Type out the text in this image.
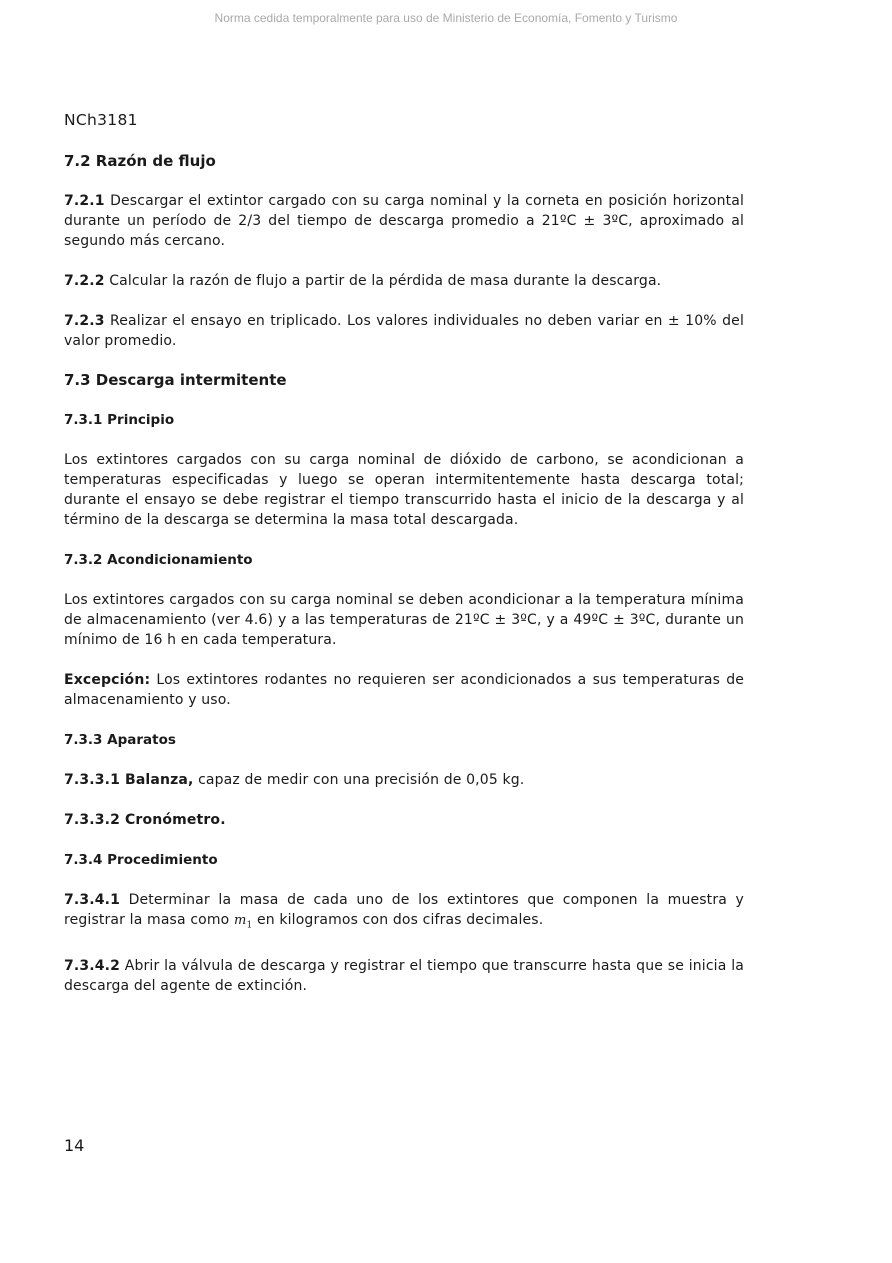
Norma cedida temporalmente para uso de Ministerio de Economía, Fomento y Turismo
NCh3181
7.2 Razón de flujo

7.2.1 Descargar el extintor cargado con su carga nominal y la corneta en posición horizontal durante un período de 2/3 del tiempo de descarga promedio a 21ºC ± 3ºC, aproximado al segundo más cercano.

7.2.2 Calcular la razón de flujo a partir de la pérdida de masa durante la descarga.

7.2.3 Realizar el ensayo en triplicado. Los valores individuales no deben variar en ± 10% del valor promedio.

7.3 Descarga intermitente
7.3.1 Principio

Los extintores cargados con su carga nominal de dióxido de carbono, se acondicionan a temperaturas especificadas y luego se operan intermitentemente hasta descarga total; durante el ensayo se debe registrar el tiempo transcurrido hasta el inicio de la descarga y al término de la descarga se determina la masa total descargada.

7.3.2 Acondicionamiento

Los extintores cargados con su carga nominal se deben acondicionar a la temperatura mínima de almacenamiento (ver 4.6) y a las temperaturas de 21ºC ± 3ºC, y a 49ºC ± 3ºC, durante un mínimo de 16 h en cada temperatura.

Excepción: Los extintores rodantes no requieren ser acondicionados a sus temperaturas de almacenamiento y uso.

7.3.3 Aparatos

7.3.3.1 Balanza, capaz de medir con una precisión de 0,05 kg.

7.3.3.2 Cronómetro.

7.3.4 Procedimiento

7.3.4.1 Determinar la masa de cada uno de los extintores que componen la muestra y registrar la masa como $m_1$ en kilogramos con dos cifras decimales.

7.3.4.2 Abrir la válvula de descarga y registrar el tiempo que transcurre hasta que se inicia la descarga del agente de extinción.

14
